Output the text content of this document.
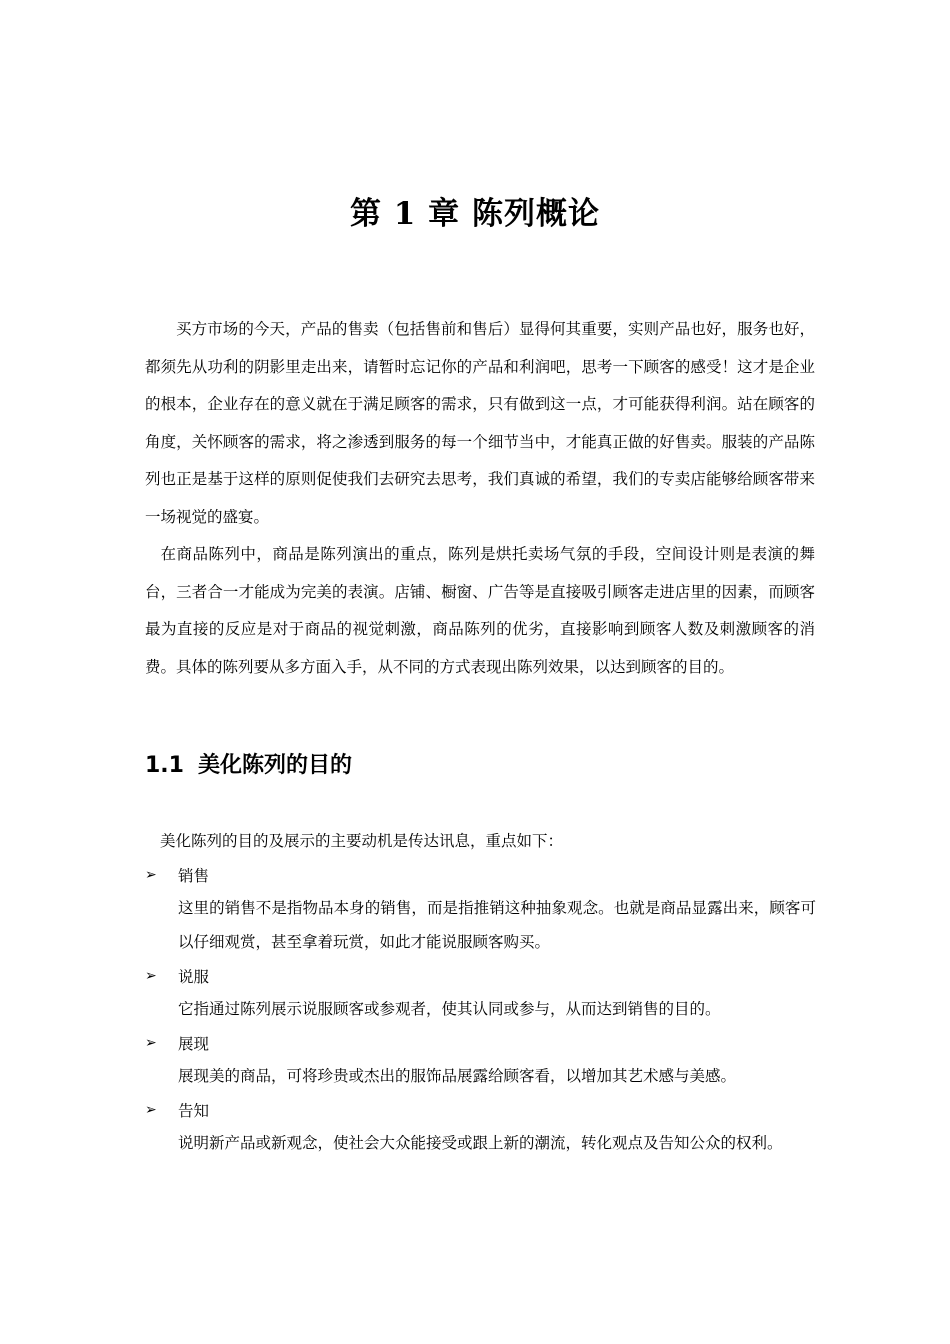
第 1 章 陈列概论
买方市场的今天，产品的售卖（包括售前和售后）显得何其重要，实则产品也好，服务也好，都须先从功利的阴影里走出来，请暂时忘记你的产品和利润吧，思考一下顾客的感受！这才是企业的根本，企业存在的意义就在于满足顾客的需求，只有做到这一点，才可能获得利润。站在顾客的角度，关怀顾客的需求，将之渗透到服务的每一个细节当中，才能真正做的好售卖。服装的产品陈列也正是基于这样的原则促使我们去研究去思考，我们真诚的希望，我们的专卖店能够给顾客带来一场视觉的盛宴。
在商品陈列中，商品是陈列演出的重点，陈列是烘托卖场气氛的手段，空间设计则是表演的舞台，三者合一才能成为完美的表演。店铺、橱窗、广告等是直接吸引顾客走进店里的因素，而顾客最为直接的反应是对于商品的视觉刺激，商品陈列的优劣，直接影响到顾客人数及刺激顾客的消费。具体的陈列要从多方面入手，从不同的方式表现出陈列效果，以达到顾客的目的。
1.1 美化陈列的目的
美化陈列的目的及展示的主要动机是传达讯息，重点如下：
➢	销售
这里的销售不是指物品本身的销售，而是指推销这种抽象观念。也就是商品显露出来，顾客可以仔细观赏，甚至拿着玩赏，如此才能说服顾客购买。
➢	说服
它指通过陈列展示说服顾客或参观者，使其认同或参与，从而达到销售的目的。
➢	展现
展现美的商品，可将珍贵或杰出的服饰品展露给顾客看，以增加其艺术感与美感。
➢	告知
说明新产品或新观念，使社会大众能接受或跟上新的潮流，转化观点及告知公众的权利。
